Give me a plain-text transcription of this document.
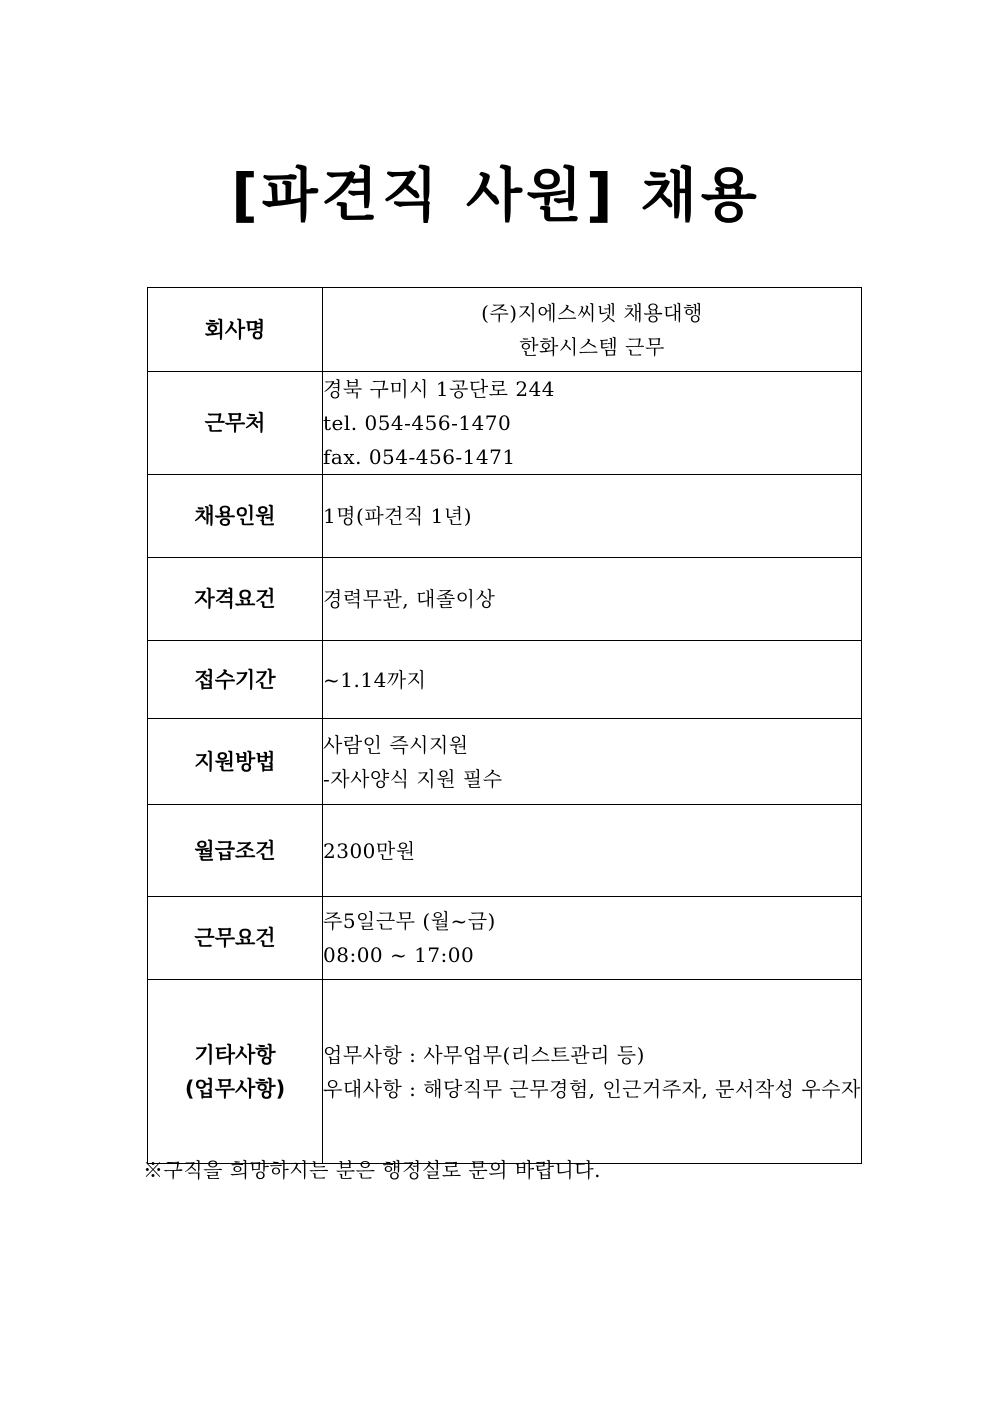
[파견직 사원] 채용
회사명	(주)지에스씨넷 채용대행
한화시스템 근무

근무처	경북 구미시 1공단로 244
tel. 054-456-1470
fax. 054-456-1471

채용인원	1명(파견직 1년)

자격요건	경력무관, 대졸이상

접수기간	~1.14까지

지원방법	사람인 즉시지원
-자사양식 지원 필수

월급조건	2300만원

근무요건	주5일근무 (월~금)
08:00 ~ 17:00

기타사항
(업무사항)	업무사항 : 사무업무(리스트관리 등)
우대사항 : 해당직무 근무경험, 인근거주자, 문서작성 우수자
※구직을 희망하시는 분은 행정실로 문의 바랍니다.
